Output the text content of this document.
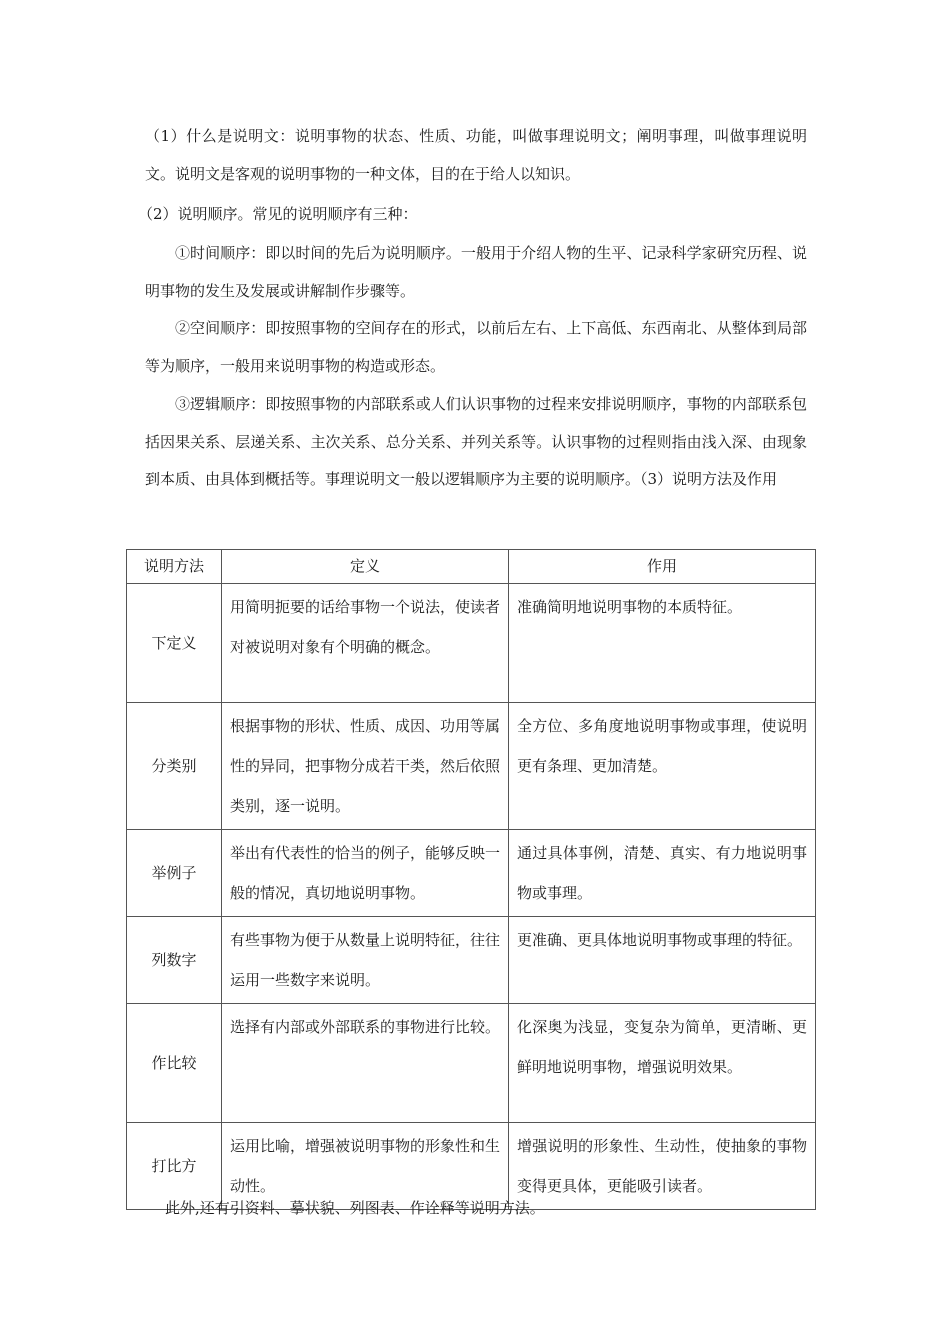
（1）什么是说明文：说明事物的状态、性质、功能，叫做事理说明文；阐明事理，叫做事理说明文。说明文是客观的说明事物的一种文体，目的在于给人以知识。

（2）说明顺序。常见的说明顺序有三种：

①时间顺序：即以时间的先后为说明顺序。一般用于介绍人物的生平、记录科学家研究历程、说明事物的发生及发展或讲解制作步骤等。

②空间顺序：即按照事物的空间存在的形式，以前后左右、上下高低、东西南北、从整体到局部等为顺序，一般用来说明事物的构造或形态。

③逻辑顺序：即按照事物的内部联系或人们认识事物的过程来安排说明顺序，事物的内部联系包括因果关系、层递关系、主次关系、总分关系、并列关系等。认识事物的过程则指由浅入深、由现象到本质、由具体到概括等。事理说明文一般以逻辑顺序为主要的说明顺序。（3）说明方法及作用

说明方法	定义	作用
下定义	用简明扼要的话给事物一个说法，使读者对被说明对象有个明确的概念。	准确简明地说明事物的本质特征。
分类别	根据事物的形状、性质、成因、功用等属性的异同，把事物分成若干类，然后依照类别，逐一说明。	全方位、多角度地说明事物或事理，使说明更有条理、更加清楚。
举例子	举出有代表性的恰当的例子，能够反映一般的情况，真切地说明事物。	通过具体事例，清楚、真实、有力地说明事物或事理。
列数字	有些事物为便于从数量上说明特征，往往运用一些数字来说明。	更准确、更具体地说明事物或事理的特征。
作比较	选择有内部或外部联系的事物进行比较。	化深奥为浅显，变复杂为简单，更清晰、更鲜明地说明事物，增强说明效果。
打比方	运用比喻，增强被说明事物的形象性和生动性。	增强说明的形象性、生动性，使抽象的事物变得更具体，更能吸引读者。

此外,还有引资料、摹状貌、列图表、作诠释等说明方法。
